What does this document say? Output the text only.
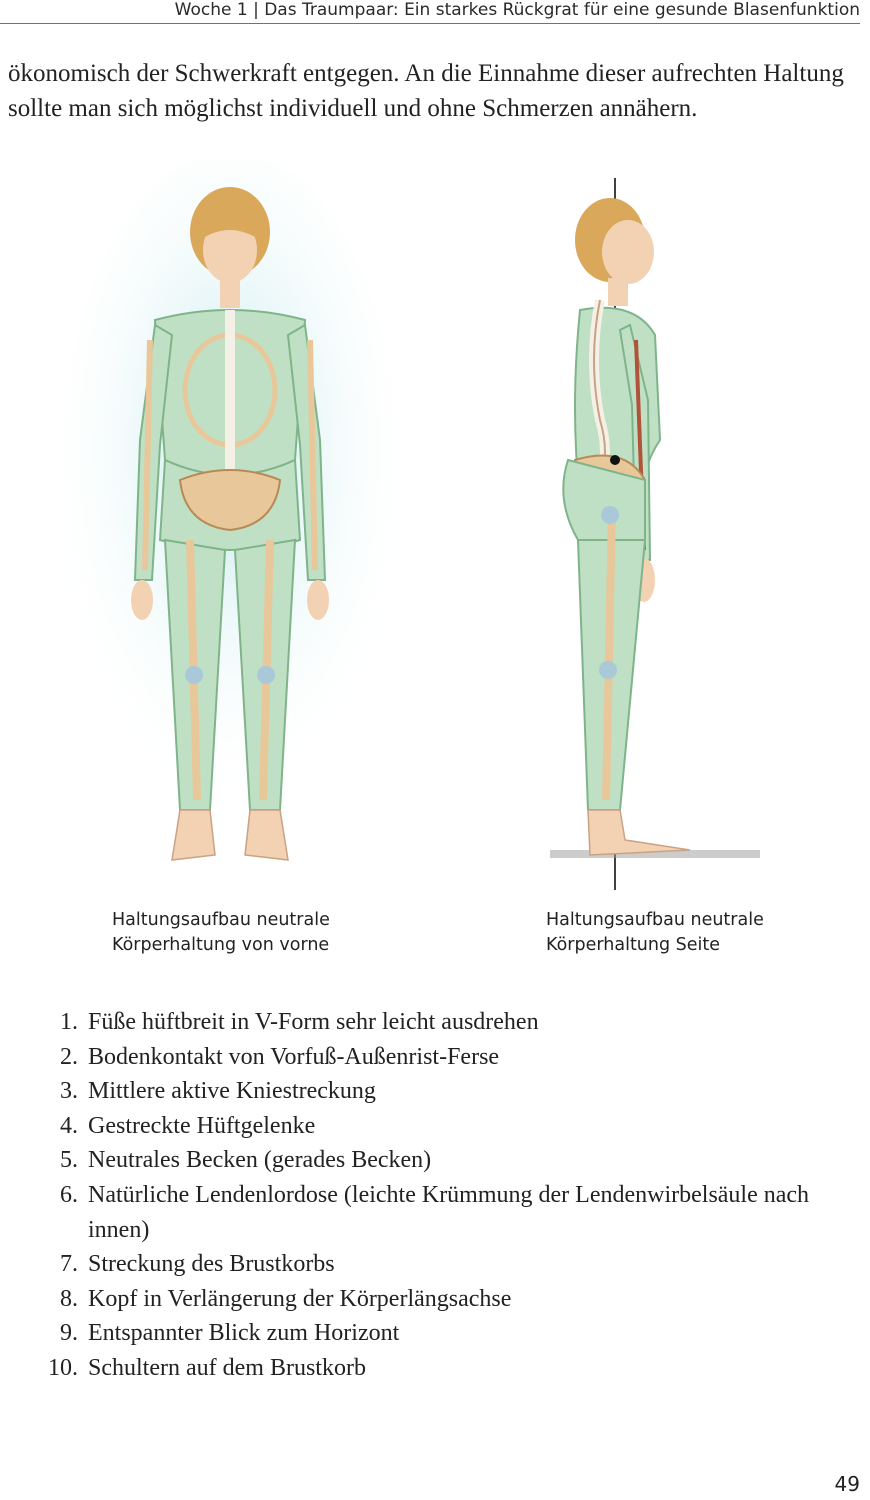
Woche 1 | Das Traumpaar: Ein starkes Rückgrat für eine gesunde Blasenfunktion

ökonomisch der Schwerkraft entgegen. An die Einnahme dieser aufrechten Haltung sollte man sich möglichst individuell und ohne Schmerzen annähern.

Haltungsaufbau neutrale
Körperhaltung von vorne
Haltungsaufbau neutrale
Körperhaltung Seite
1. Füße hüftbreit in V-Form sehr leicht ausdrehen
2. Bodenkontakt von Vorfuß-Außenrist-Ferse
3. Mittlere aktive Kniestreckung
4. Gestreckte Hüftgelenke
5. Neutrales Becken (gerades Becken)
6. Natürliche Lendenlordose (leichte Krümmung der Lendenwirbelsäule nach innen)
7. Streckung des Brustkorbs
8. Kopf in Verlängerung der Körperlängsachse
9. Entspannter Blick zum Horizont
10. Schultern auf dem Brustkorb
49
